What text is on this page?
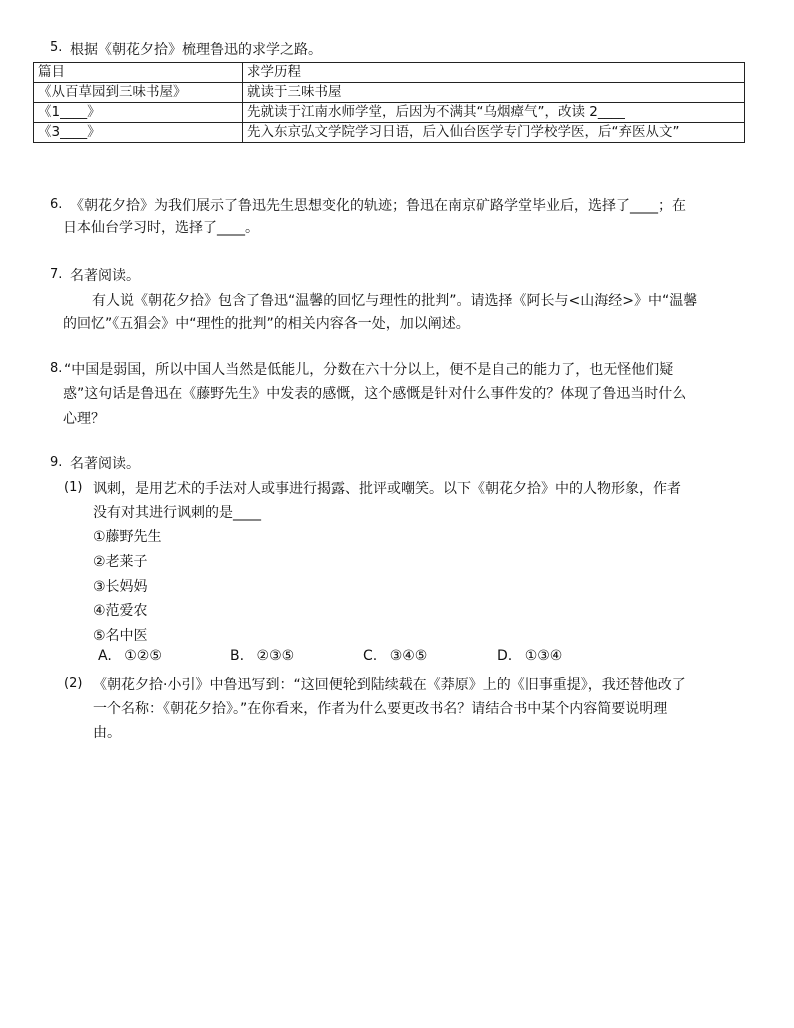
5. 根据《朝花夕拾》梳理鲁迅的求学之路。
篇目	求学历程
《从百草园到三味书屋》	就读于三味书屋
《1____》	先就读于江南水师学堂，后因为不满其“乌烟瘴气”，改读 2____
《3____》	先入东京弘文学院学习日语，后入仙台医学专门学校学医，后“弃医从文”
6. 《朝花夕拾》为我们展示了鲁迅先生思想变化的轨迹；鲁迅在南京矿路学堂毕业后，选择了____；在
日本仙台学习时，选择了____。
7. 名著阅读。
有人说《朝花夕拾》包含了鲁迅“温馨的回忆与理性的批判”。请选择《阿长与<山海经>》中“温馨
的回忆”《五猖会》中“理性的批判”的相关内容各一处，加以阐述。
8. “中国是弱国，所以中国人当然是低能儿，分数在六十分以上，便不是自己的能力了，也无怪他们疑
惑”这句话是鲁迅在《藤野先生》中发表的感慨，这个感慨是针对什么事件发的？体现了鲁迅当时什么
心理？
9. 名著阅读。
(1) 讽刺，是用艺术的手法对人或事进行揭露、批评或嘲笑。以下《朝花夕拾》中的人物形象，作者
没有对其进行讽刺的是____
①藤野先生
②老莱子
③长妈妈
④范爱农
⑤名中医
A. ①②⑤	B. ②③⑤	C. ③④⑤	D. ①③④
(2) 《朝花夕拾·小引》中鲁迅写到：“这回便轮到陆续载在《莽原》上的《旧事重提》，我还替他改了
一个名称：《朝花夕拾》。”在你看来，作者为什么要更改书名？请结合书中某个内容简要说明理
由。
